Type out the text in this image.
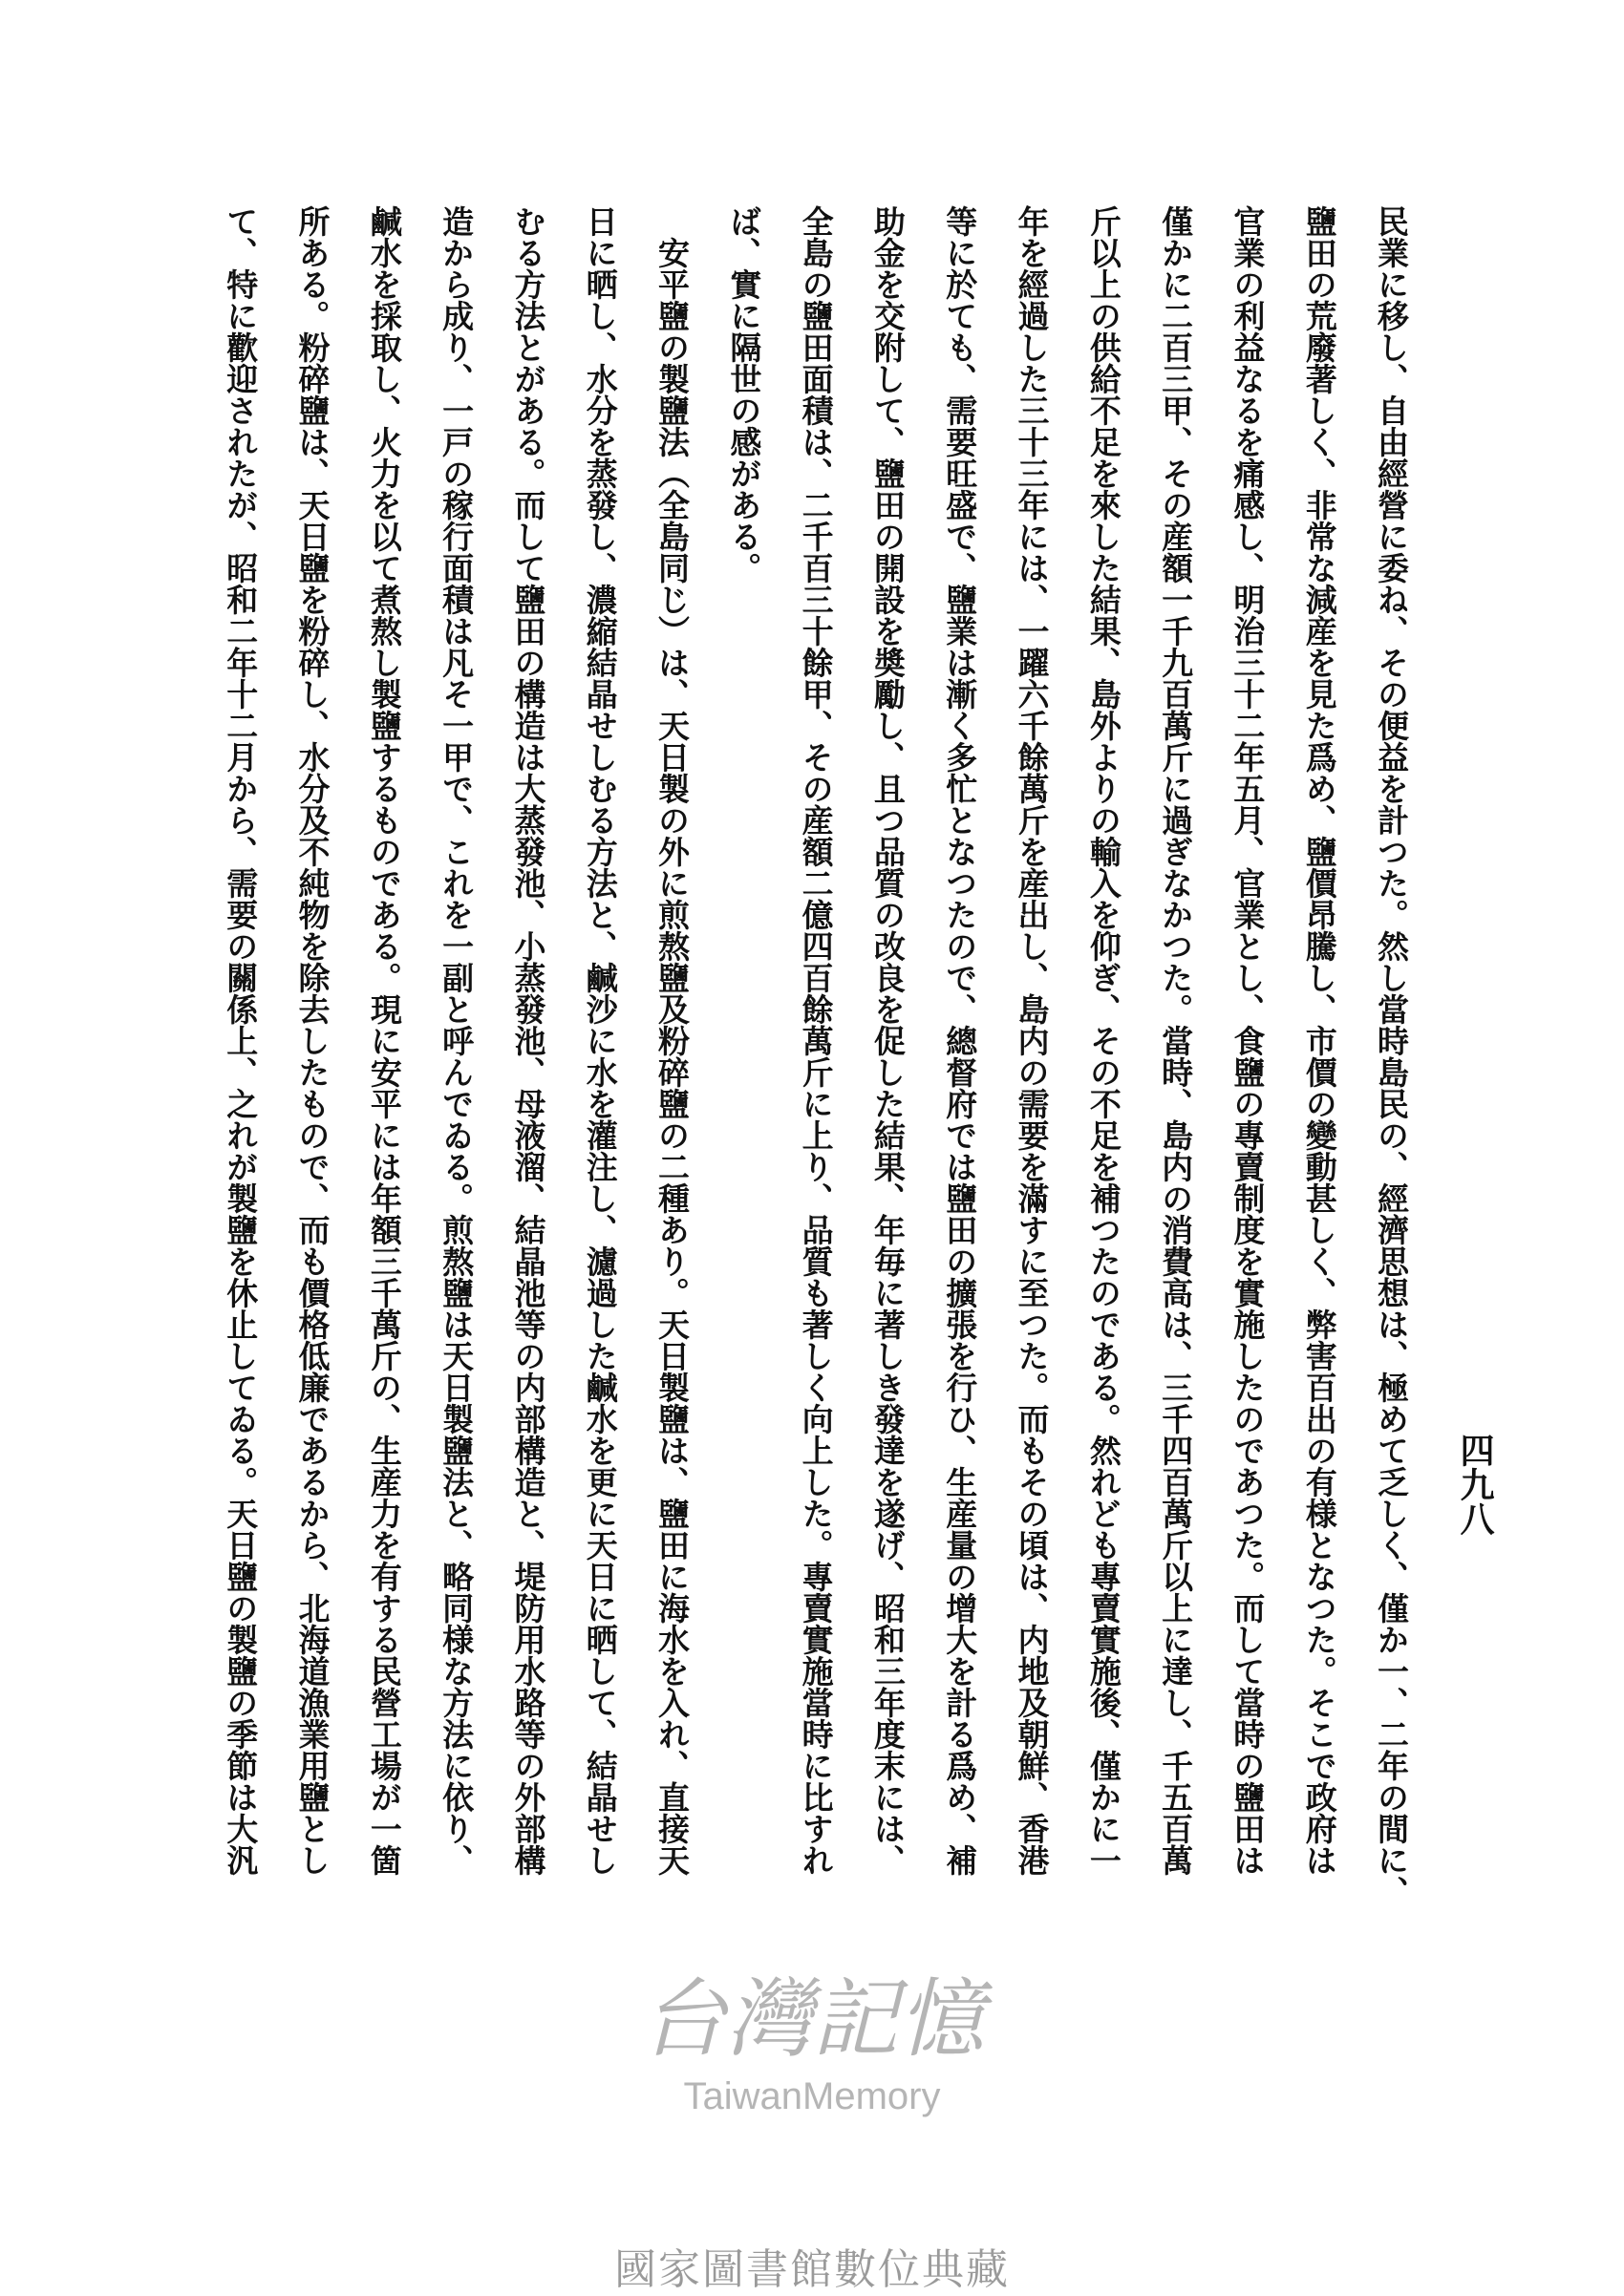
民業に移し、自由經營に委ね、その便益を計つた。然し當時島民の、經濟思想は、極めて乏しく、僅か一、二年の間に、
鹽田の荒廢著しく、非常な減産を見た爲め、鹽價昂騰し、市價の變動甚しく、弊害百出の有様となつた。そこで政府は
官業の利益なるを痛感し、明治三十二年五月、官業とし、食鹽の專賣制度を實施したのであつた。而して當時の鹽田は
僅かに二百三甲、その産額一千九百萬斤に過ぎなかつた。當時、島内の消費高は、三千四百萬斤以上に達し、千五百萬
斤以上の供給不足を來した結果、島外よりの輸入を仰ぎ、その不足を補つたのである。然れども專賣實施後、僅かに一
年を經過した三十三年には、一躍六千餘萬斤を産出し、島内の需要を滿すに至つた。而もその頃は、内地及朝鮮、香港
等に於ても、需要旺盛で、鹽業は漸く多忙となつたので、總督府では鹽田の擴張を行ひ、生産量の增大を計る爲め、補
助金を交附して、鹽田の開設を奬勵し、且つ品質の改良を促した結果、年毎に著しき發達を遂げ、昭和三年度末には、
全島の鹽田面積は、二千百三十餘甲、その産額二億四百餘萬斤に上り、品質も著しく向上した。專賣實施當時に比すれ
ば、實に隔世の感がある。
安平鹽の製鹽法（全島同じ）は、天日製の外に煎熬鹽及粉碎鹽の二種あり。天日製鹽は、鹽田に海水を入れ、直接天
日に晒し、水分を蒸發し、濃縮結晶せしむる方法と、鹹沙に水を灌注し、濾過した鹹水を更に天日に晒して、結晶せし
むる方法とがある。而して鹽田の構造は大蒸發池、小蒸發池、母液溜、結晶池等の内部構造と、堤防用水路等の外部構
造から成り、一戸の稼行面積は凡そ一甲で、これを一副と呼んでゐる。煎熬鹽は天日製鹽法と、略同様な方法に依り、
鹹水を採取し、火力を以て煮熬し製鹽するものである。現に安平には年額三千萬斤の、生産力を有する民營工場が一箇
所ある。粉碎鹽は、天日鹽を粉碎し、水分及不純物を除去したもので、而も價格低廉であるから、北海道漁業用鹽とし
て、特に歡迎されたが、昭和二年十二月から、需要の關係上、之れが製鹽を休止してゐる。天日鹽の製鹽の季節は大汎	四九八
台灣記憶
TaiwanMemory
國家圖書館數位典藏
